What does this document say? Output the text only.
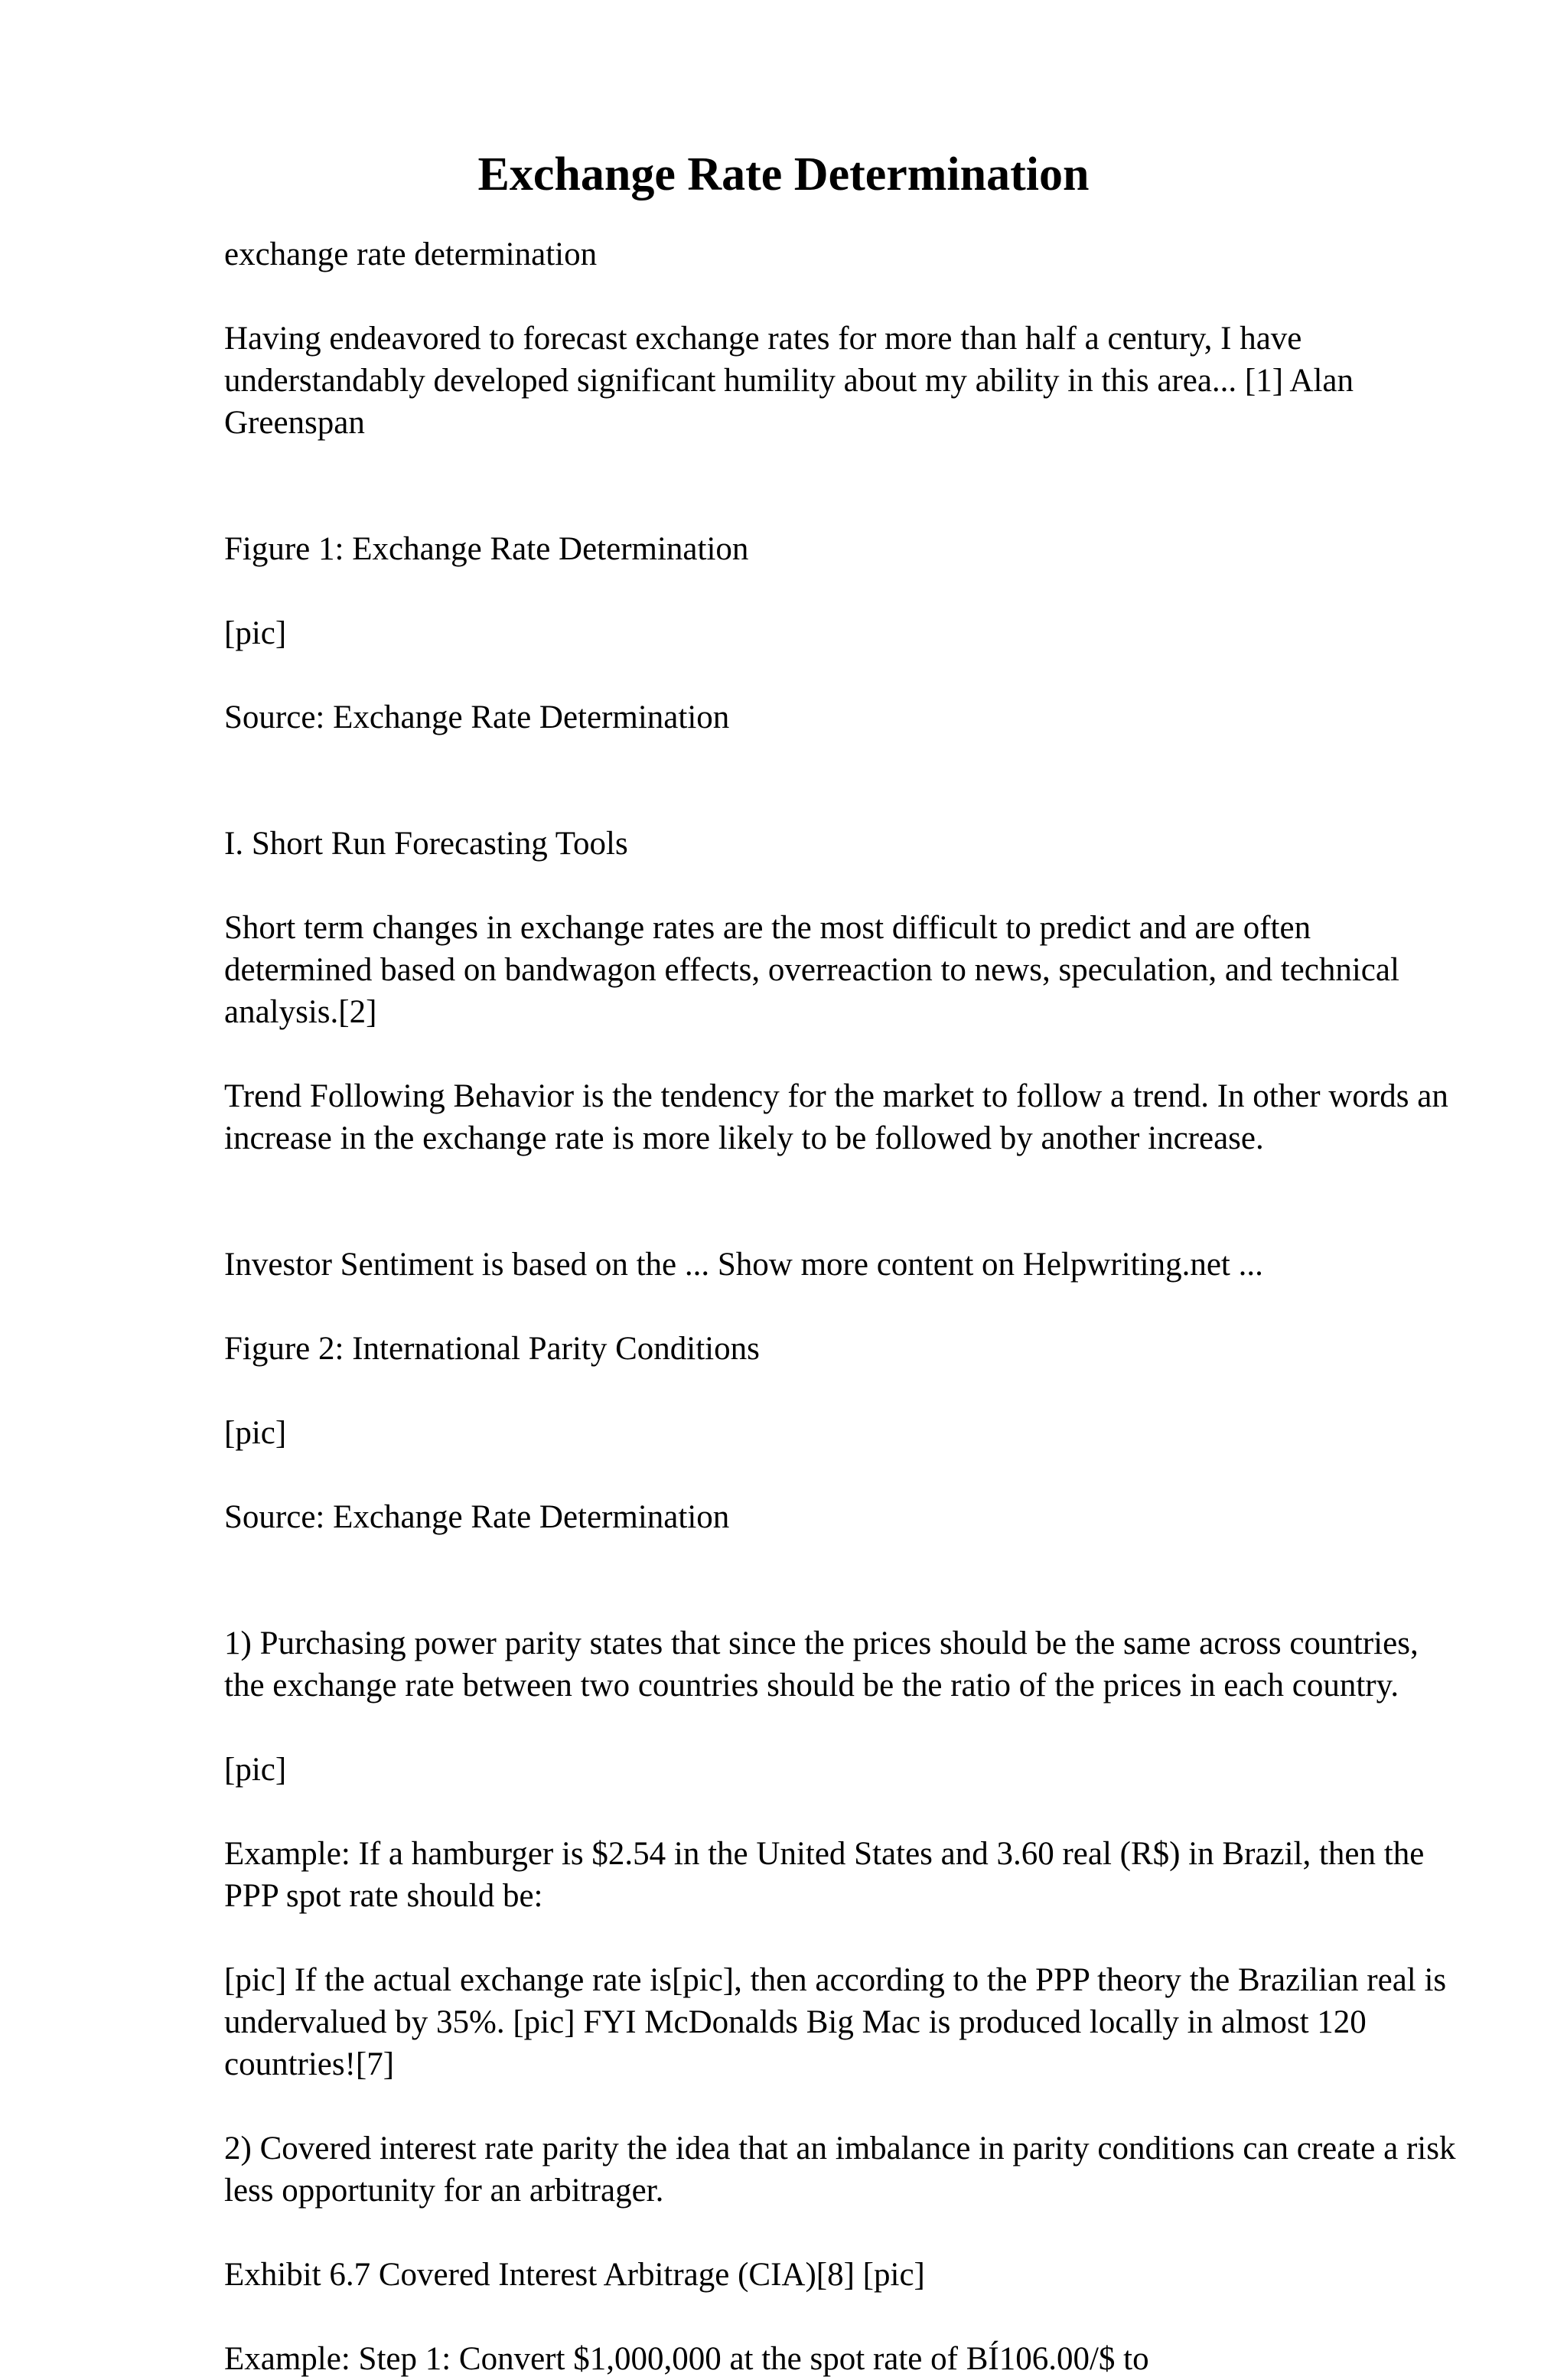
Exchange Rate Determination

exchange rate determination

Having endeavored to forecast exchange rates for more than half a century, I have understandably developed significant humility about my ability in this area... [1] Alan Greenspan

Figure 1: Exchange Rate Determination

[pic]

Source: Exchange Rate Determination

I. Short Run Forecasting Tools

Short term changes in exchange rates are the most difficult to predict and are often determined based on bandwagon effects, overreaction to news, speculation, and technical analysis.[2]

Trend Following Behavior is the tendency for the market to follow a trend. In other words an increase in the exchange rate is more likely to be followed by another increase.

Investor Sentiment is based on the ... Show more content on Helpwriting.net ...

Figure 2: International Parity Conditions

[pic]

Source: Exchange Rate Determination

1) Purchasing power parity states that since the prices should be the same across countries, the exchange rate between two countries should be the ratio of the prices in each country.

[pic]

Example: If a hamburger is $2.54 in the United States and 3.60 real (R$) in Brazil, then the PPP spot rate should be:

[pic] If the actual exchange rate is[pic], then according to the PPP theory the Brazilian real is undervalued by 35%. [pic] FYI McDonalds Big Mac is produced locally in almost 120 countries![7]

2) Covered interest rate parity the idea that an imbalance in parity conditions can create a risk less opportunity for an arbitrager.

Exhibit 6.7 Covered Interest Arbitrage (CIA)[8] [pic]

Example: Step 1: Convert $1,000,000 at the spot rate of BÍ106.00/$ to
